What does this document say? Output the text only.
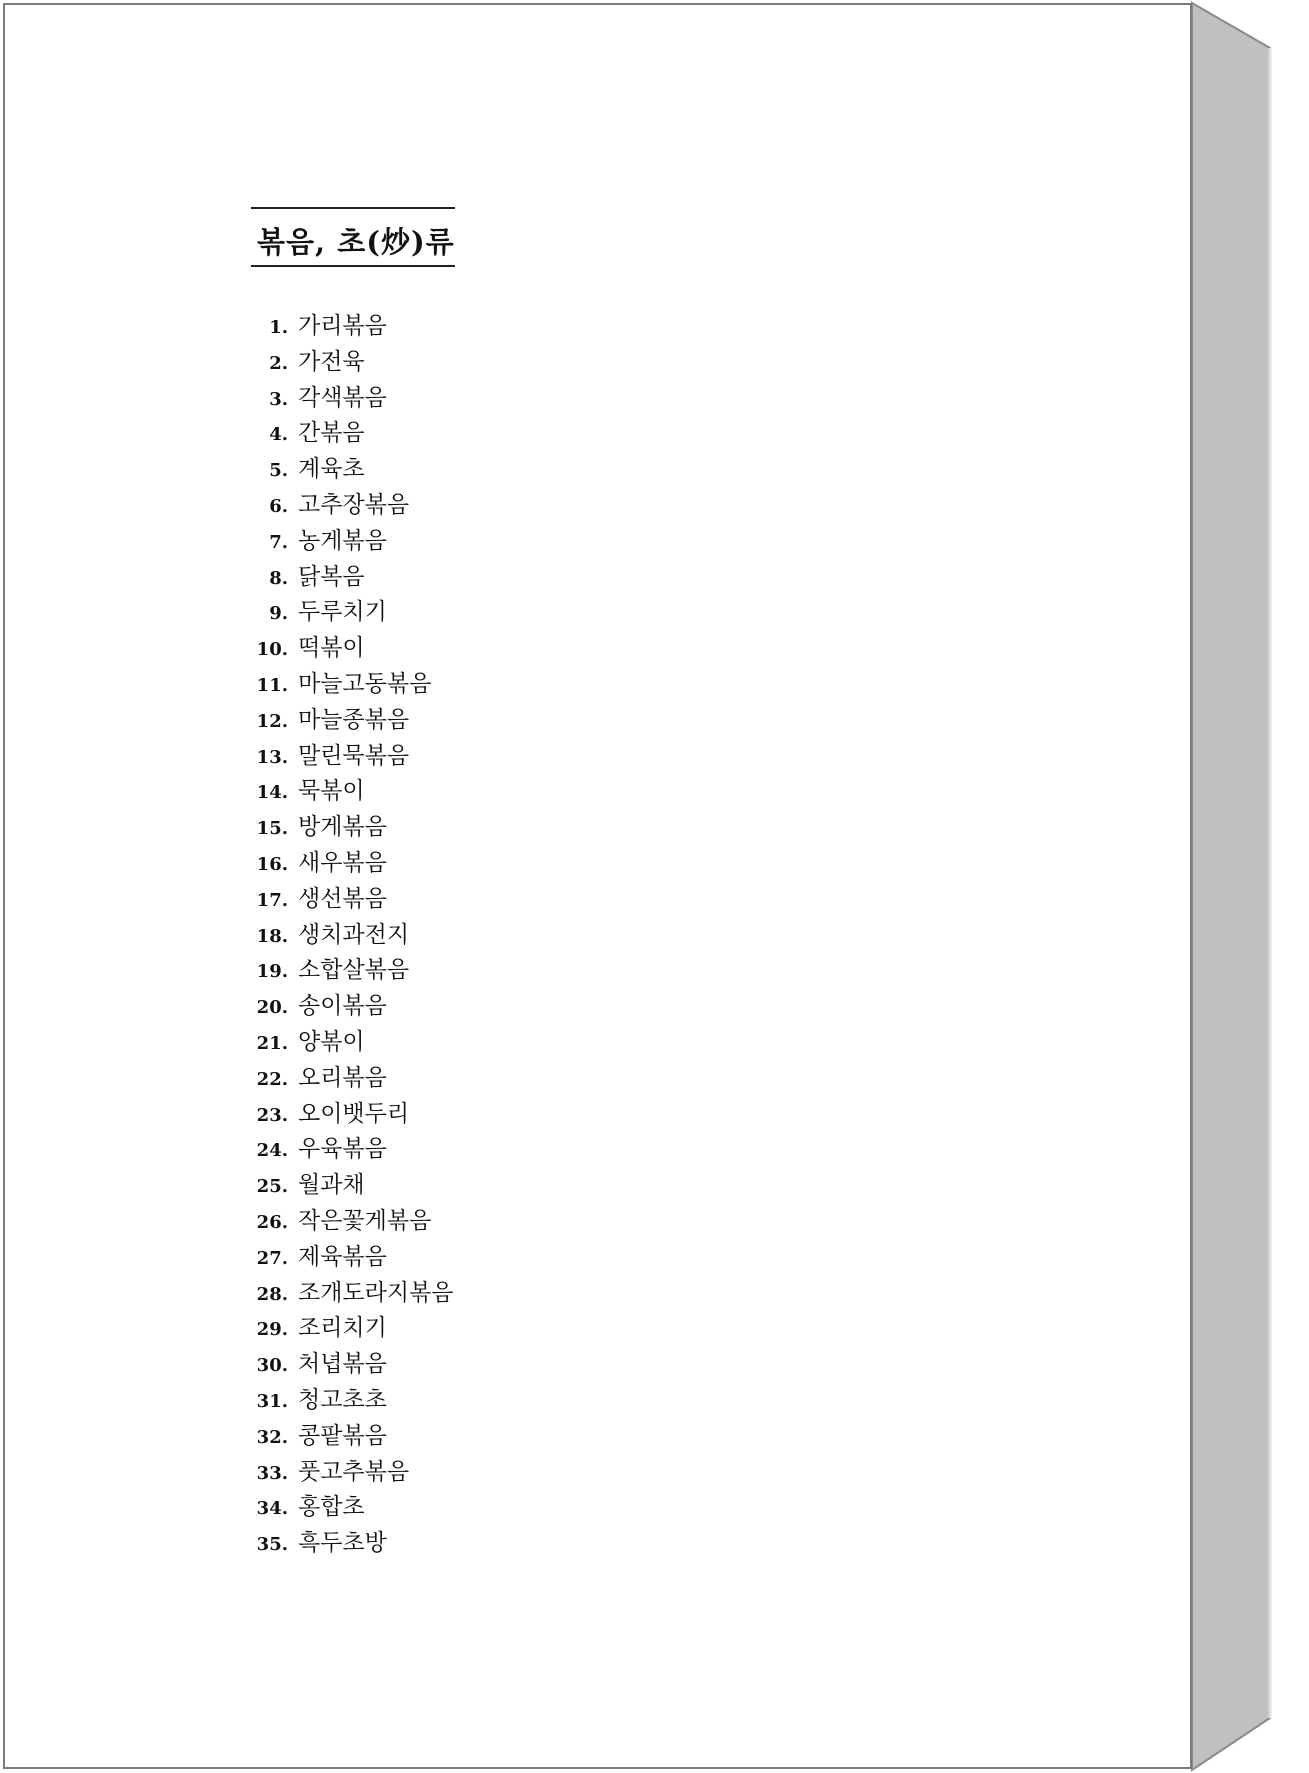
볶음, 초(炒)류
1. 가리볶음
2. 가전육
3. 각색볶음
4. 간볶음
5. 계육초
6. 고추장볶음
7. 농게볶음
8. 닭복음
9. 두루치기
10. 떡볶이
11. 마늘고동볶음
12. 마늘종볶음
13. 말린묵볶음
14. 묵볶이
15. 방게볶음
16. 새우볶음
17. 생선볶음
18. 생치과전지
19. 소합살볶음
20. 송이볶음
21. 양볶이
22. 오리볶음
23. 오이뱃두리
24. 우육볶음
25. 월과채
26. 작은꽃게볶음
27. 제육볶음
28. 조개도라지볶음
29. 조리치기
30. 처녑볶음
31. 청고초초
32. 콩팥볶음
33. 풋고추볶음
34. 홍합초
35. 흑두초방
